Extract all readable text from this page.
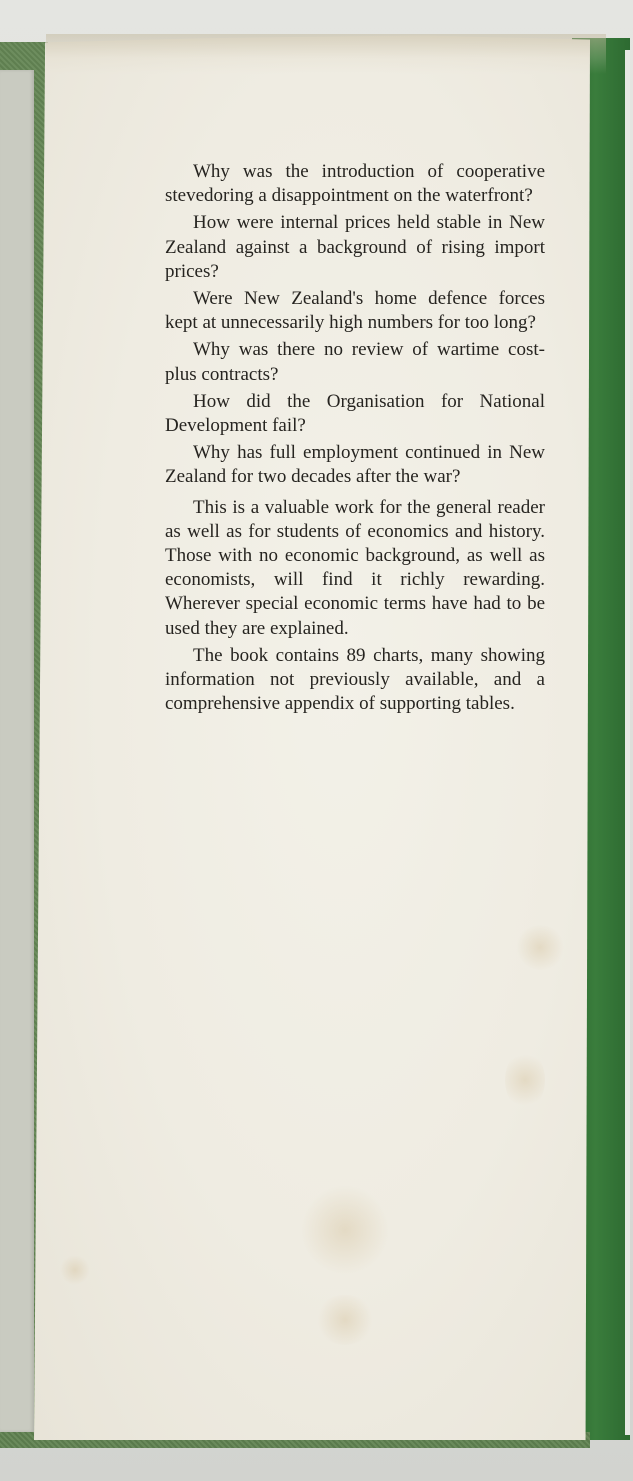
Why was the introduction of cooperative stevedoring a disappointment on the waterfront?

How were internal prices held stable in New Zealand against a background of rising import prices?

Were New Zealand's home defence forces kept at unnecessarily high numbers for too long?

Why was there no review of wartime cost-plus contracts?

How did the Organisation for National Development fail?

Why has full employment continued in New Zealand for two decades after the war?

This is a valuable work for the general reader as well as for students of economics and history. Those with no economic background, as well as economists, will find it richly rewarding. Wherever special economic terms have had to be used they are explained.

The book contains 89 charts, many showing information not previously available, and a comprehensive appendix of supporting tables.
